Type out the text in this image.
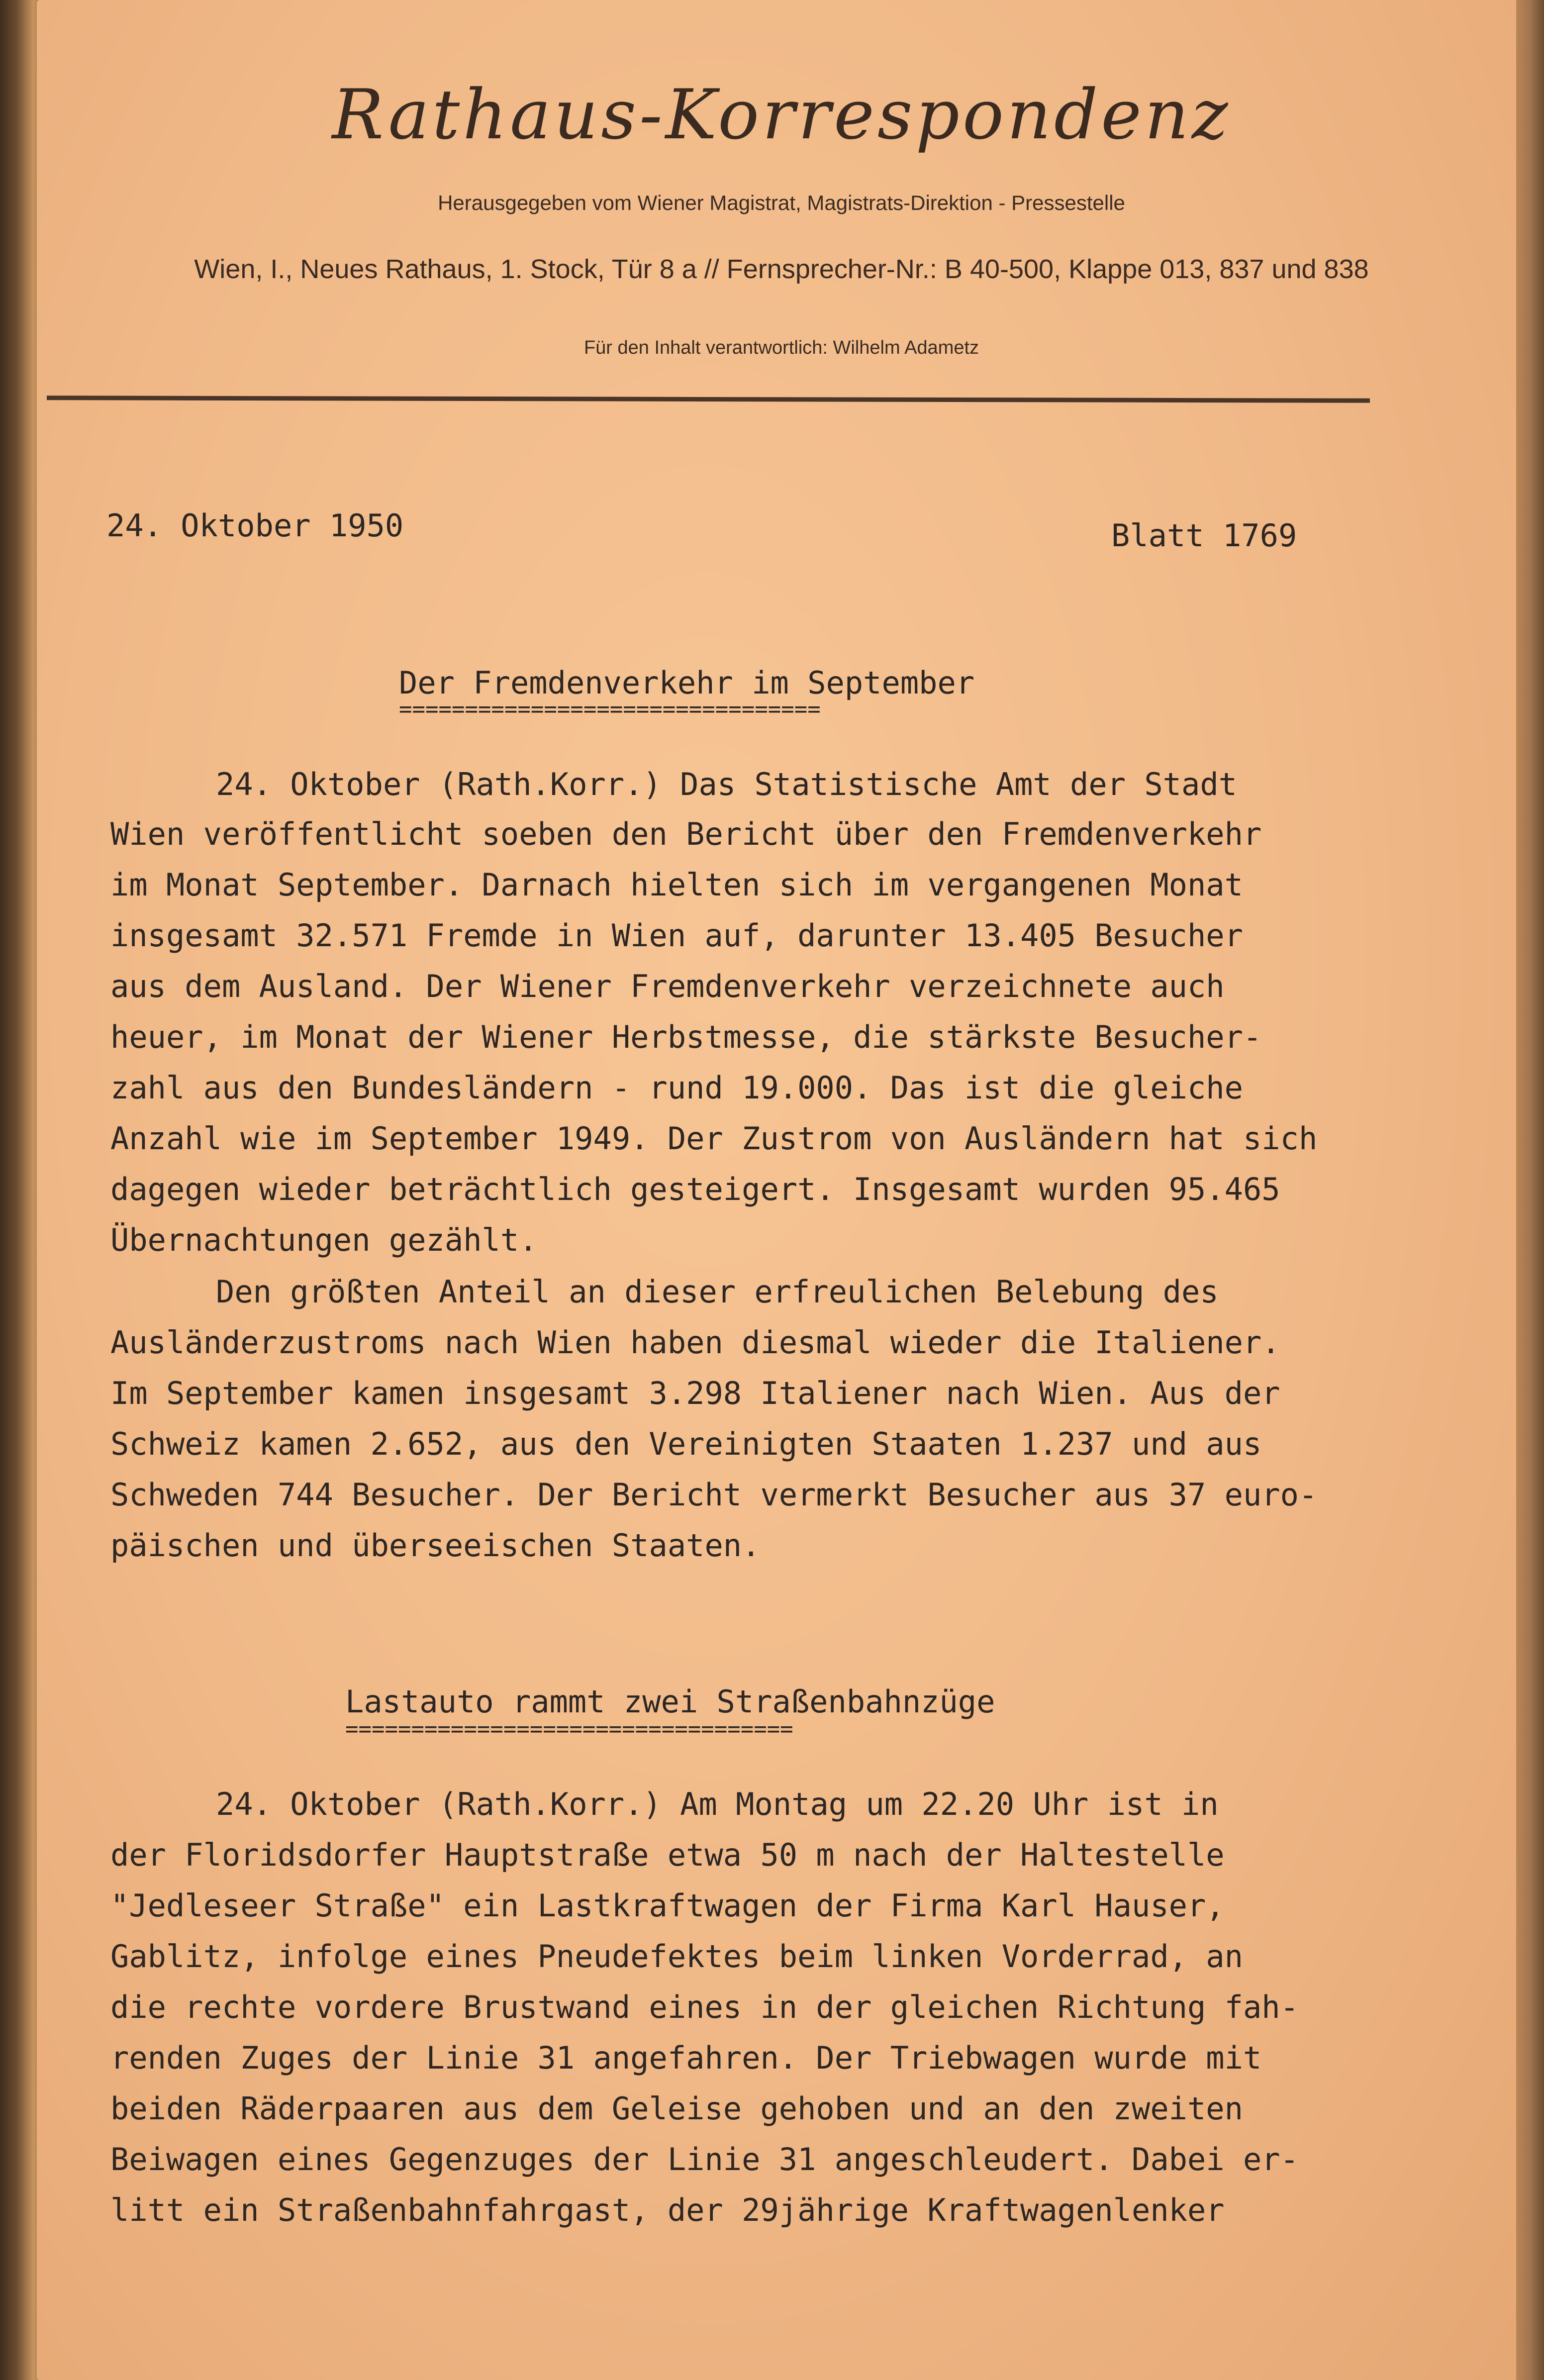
Rathaus-Korrespondenz
Herausgegeben vom Wiener Magistrat, Magistrats-Direktion - Pressestelle
Wien, I., Neues Rathaus, 1. Stock, Tür 8 a // Fernsprecher-Nr.: B 40-500, Klappe 013, 837 und 838
Für den Inhalt verantwortlich: Wilhelm Adametz
24. Oktober 1950	Blatt 1769
Der Fremdenverkehr im September
================================
24. Oktober (Rath.Korr.) Das Statistische Amt der Stadt
Wien veröffentlicht soeben den Bericht über den Fremdenverkehr
im Monat September. Darnach hielten sich im vergangenen Monat
insgesamt 32.571 Fremde in Wien auf, darunter 13.405 Besucher
aus dem Ausland. Der Wiener Fremdenverkehr verzeichnete auch
heuer, im Monat der Wiener Herbstmesse, die stärkste Besucher-
zahl aus den Bundesländern - rund 19.000. Das ist die gleiche
Anzahl wie im September 1949. Der Zustrom von Ausländern hat sich
dagegen wieder beträchtlich gesteigert. Insgesamt wurden 95.465
Übernachtungen gezählt.
Den größten Anteil an dieser erfreulichen Belebung des
Ausländerzustroms nach Wien haben diesmal wieder die Italiener.
Im September kamen insgesamt 3.298 Italiener nach Wien. Aus der
Schweiz kamen 2.652, aus den Vereinigten Staaten 1.237 und aus
Schweden 744 Besucher. Der Bericht vermerkt Besucher aus 37 euro-
päischen und überseeischen Staaten.
Lastauto rammt zwei Straßenbahnzüge
==================================
24. Oktober (Rath.Korr.) Am Montag um 22.20 Uhr ist in
der Floridsdorfer Hauptstraße etwa 50 m nach der Haltestelle
"Jedleseer Straße" ein Lastkraftwagen der Firma Karl Hauser,
Gablitz, infolge eines Pneudefektes beim linken Vorderrad, an
die rechte vordere Brustwand eines in der gleichen Richtung fah-
renden Zuges der Linie 31 angefahren. Der Triebwagen wurde mit
beiden Räderpaaren aus dem Geleise gehoben und an den zweiten
Beiwagen eines Gegenzuges der Linie 31 angeschleudert. Dabei er-
litt ein Straßenbahnfahrgast, der 29jährige Kraftwagenlenker
